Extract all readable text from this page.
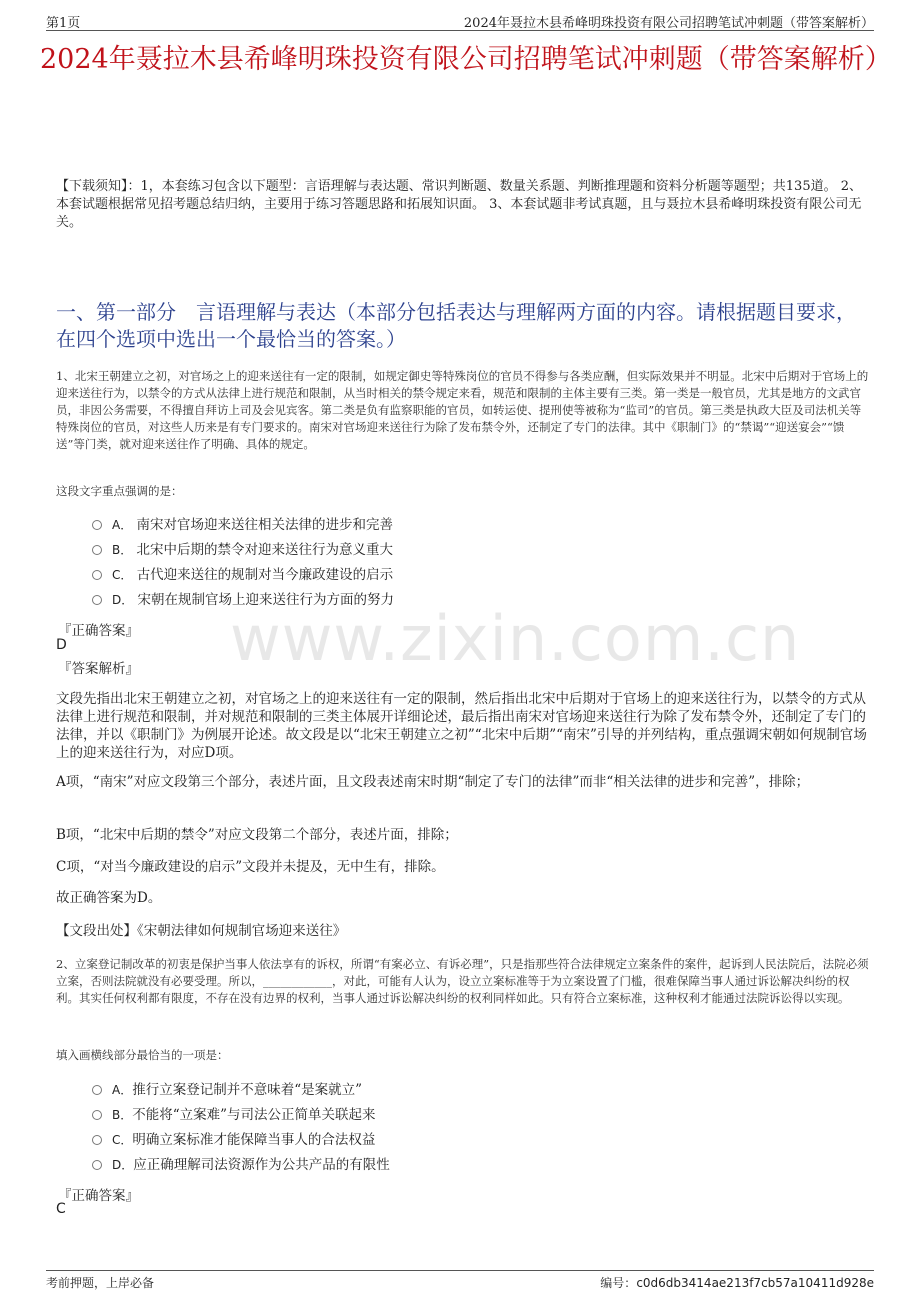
第1页	2024年聂拉木县希峰明珠投资有限公司招聘笔试冲刺题（带答案解析）
2024年聂拉木县希峰明珠投资有限公司招聘笔试冲刺题（带答案解析）
【下载须知】：1，本套练习包含以下题型：言语理解与表达题、常识判断题、数量关系题、判断推理题和资料分析题等题型；共135道。 2、本套试题根据常见招考题总结归纳，主要用于练习答题思路和拓展知识面。 3、本套试题非考试真题，且与聂拉木县希峰明珠投资有限公司无关。
一、第一部分　言语理解与表达（本部分包括表达与理解两方面的内容。请根据题目要求，在四个选项中选出一个最恰当的答案。）
1、北宋王朝建立之初，对官场之上的迎来送往有一定的限制，如规定御史等特殊岗位的官员不得参与各类应酬，但实际效果并不明显。北宋中后期对于官场上的迎来送往行为，以禁令的方式从法律上进行规范和限制，从当时相关的禁令规定来看，规范和限制的主体主要有三类。第一类是一般官员，尤其是地方的文武官员，非因公务需要，不得擅自拜访上司及会见宾客。第二类是负有监察职能的官员，如转运使、提刑使等被称为“监司”的官员。第三类是执政大臣及司法机关等特殊岗位的官员，对这些人历来是有专门要求的。南宋对官场迎来送往行为除了发布禁令外，还制定了专门的法律。其中《职制门》的“禁谒”“迎送宴会”“馈送”等门类，就对迎来送往作了明确、具体的规定。
这段文字重点强调的是：
A． 南宋对官场迎来送往相关法律的进步和完善
B． 北宋中后期的禁令对迎来送往行为意义重大
C． 古代迎来送往的规制对当今廉政建设的启示
D． 宋朝在规制官场上迎来送往行为方面的努力
『正确答案』
D
『答案解析』
文段先指出北宋王朝建立之初，对官场之上的迎来送往有一定的限制，然后指出北宋中后期对于官场上的迎来送往行为，以禁令的方式从法律上进行规范和限制，并对规范和限制的三类主体展开详细论述，最后指出南宋对官场迎来送往行为除了发布禁令外，还制定了专门的法律，并以《职制门》为例展开论述。故文段是以“北宋王朝建立之初”“北宋中后期”“南宋”引导的并列结构，重点强调宋朝如何规制官场上的迎来送往行为，对应D项。
A项，“南宋”对应文段第三个部分，表述片面，且文段表述南宋时期“制定了专门的法律”而非“相关法律的进步和完善”，排除；
B项，“北宋中后期的禁令”对应文段第二个部分，表述片面，排除；
C项，“对当今廉政建设的启示”文段并未提及，无中生有，排除。
故正确答案为D。
【文段出处】《宋朝法律如何规制官场迎来送往》
2、立案登记制改革的初衷是保护当事人依法享有的诉权，所谓“有案必立、有诉必理”，只是指那些符合法律规定立案条件的案件，起诉到人民法院后，法院必须立案，否则法院就没有必要受理。所以，____________，对此，可能有人认为，设立立案标准等于为立案设置了门槛，很难保障当事人通过诉讼解决纠纷的权利。其实任何权利都有限度，不存在没有边界的权利，当事人通过诉讼解决纠纷的权利同样如此。只有符合立案标准，这种权利才能通过法院诉讼得以实现。
填入画横线部分最恰当的一项是：
A．推行立案登记制并不意味着“是案就立”
B．不能将“立案难”与司法公正简单关联起来
C．明确立案标准才能保障当事人的合法权益
D．应正确理解司法资源作为公共产品的有限性
『正确答案』
C
www.zixin.com.cn
考前押题，上岸必备	编号：c0d6db3414ae213f7cb57a10411d928e
